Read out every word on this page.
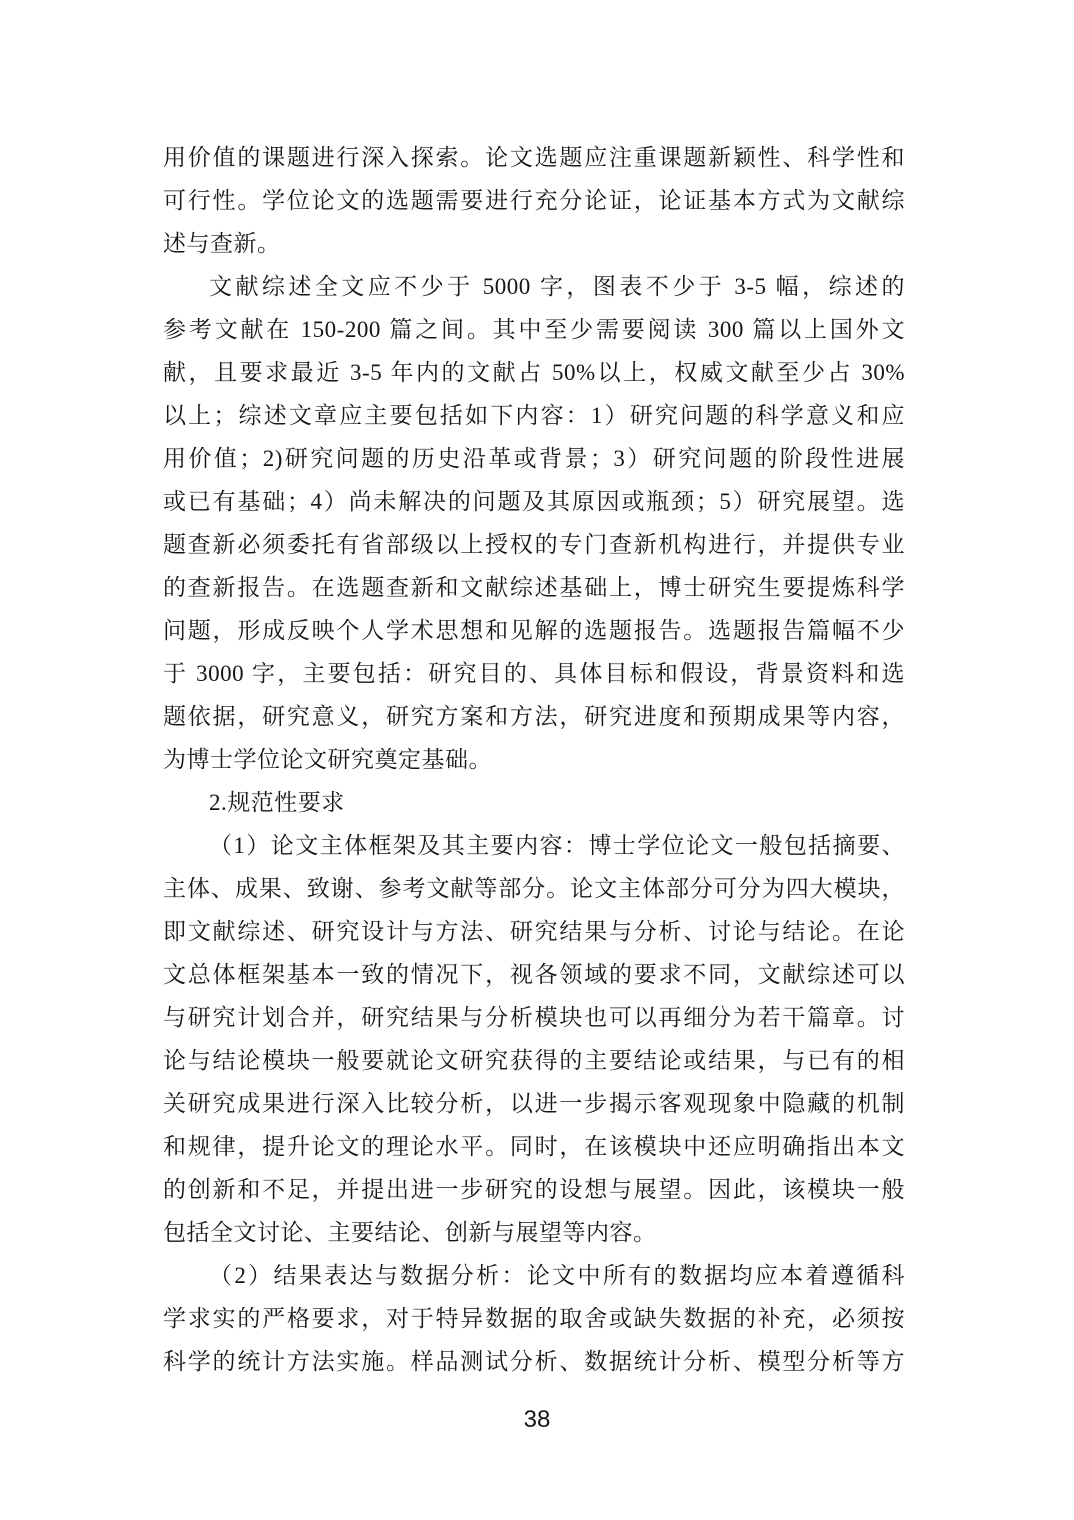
用价值的课题进行深入探索。论文选题应注重课题新颖性、科学性和
可行性。学位论文的选题需要进行充分论证，论证基本方式为文献综
述与查新。
文献综述全文应不少于 5000 字，图表不少于 3-5 幅，综述的
参考文献在 150-200 篇之间。其中至少需要阅读 300 篇以上国外文
献，且要求最近 3-5 年内的文献占 50%以上，权威文献至少占 30%
以上；综述文章应主要包括如下内容：1）研究问题的科学意义和应
用价值；2)研究问题的历史沿革或背景；3）研究问题的阶段性进展
或已有基础；4）尚未解决的问题及其原因或瓶颈；5）研究展望。选
题查新必须委托有省部级以上授权的专门查新机构进行，并提供专业
的查新报告。在选题查新和文献综述基础上，博士研究生要提炼科学
问题，形成反映个人学术思想和见解的选题报告。选题报告篇幅不少
于 3000 字，主要包括：研究目的、具体目标和假设，背景资料和选
题依据，研究意义，研究方案和方法，研究进度和预期成果等内容，
为博士学位论文研究奠定基础。
2.规范性要求
（1）论文主体框架及其主要内容：博士学位论文一般包括摘要、
主体、成果、致谢、参考文献等部分。论文主体部分可分为四大模块，
即文献综述、研究设计与方法、研究结果与分析、讨论与结论。在论
文总体框架基本一致的情况下，视各领域的要求不同，文献综述可以
与研究计划合并，研究结果与分析模块也可以再细分为若干篇章。讨
论与结论模块一般要就论文研究获得的主要结论或结果，与已有的相
关研究成果进行深入比较分析，以进一步揭示客观现象中隐藏的机制
和规律，提升论文的理论水平。同时，在该模块中还应明确指出本文
的创新和不足，并提出进一步研究的设想与展望。因此，该模块一般
包括全文讨论、主要结论、创新与展望等内容。
（2）结果表达与数据分析：论文中所有的数据均应本着遵循科
学求实的严格要求，对于特异数据的取舍或缺失数据的补充，必须按
科学的统计方法实施。样品测试分析、数据统计分析、模型分析等方
38
